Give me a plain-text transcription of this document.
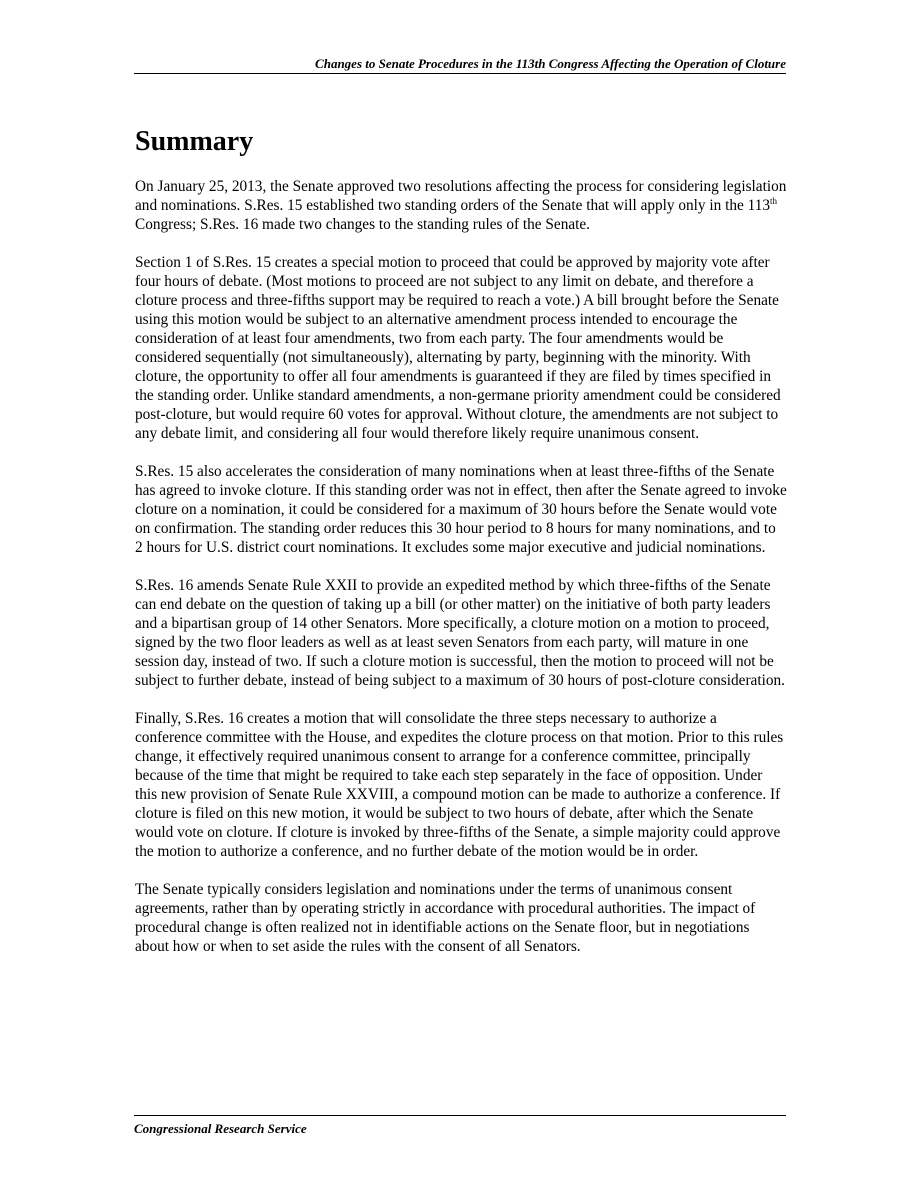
Changes to Senate Procedures in the 113th Congress Affecting the Operation of Cloture
Summary

On January 25, 2013, the Senate approved two resolutions affecting the process for considering legislation and nominations. S.Res. 15 established two standing orders of the Senate that will apply only in the 113th Congress; S.Res. 16 made two changes to the standing rules of the Senate.

Section 1 of S.Res. 15 creates a special motion to proceed that could be approved by majority vote after four hours of debate. (Most motions to proceed are not subject to any limit on debate, and therefore a cloture process and three-fifths support may be required to reach a vote.) A bill brought before the Senate using this motion would be subject to an alternative amendment process intended to encourage the consideration of at least four amendments, two from each party. The four amendments would be considered sequentially (not simultaneously), alternating by party, beginning with the minority. With cloture, the opportunity to offer all four amendments is guaranteed if they are filed by times specified in the standing order. Unlike standard amendments, a non-germane priority amendment could be considered post-cloture, but would require 60 votes for approval. Without cloture, the amendments are not subject to any debate limit, and considering all four would therefore likely require unanimous consent.

S.Res. 15 also accelerates the consideration of many nominations when at least three-fifths of the Senate has agreed to invoke cloture. If this standing order was not in effect, then after the Senate agreed to invoke cloture on a nomination, it could be considered for a maximum of 30 hours before the Senate would vote on confirmation. The standing order reduces this 30 hour period to 8 hours for many nominations, and to 2 hours for U.S. district court nominations. It excludes some major executive and judicial nominations.

S.Res. 16 amends Senate Rule XXII to provide an expedited method by which three-fifths of the Senate can end debate on the question of taking up a bill (or other matter) on the initiative of both party leaders and a bipartisan group of 14 other Senators. More specifically, a cloture motion on a motion to proceed, signed by the two floor leaders as well as at least seven Senators from each party, will mature in one session day, instead of two. If such a cloture motion is successful, then the motion to proceed will not be subject to further debate, instead of being subject to a maximum of 30 hours of post-cloture consideration.

Finally, S.Res. 16 creates a motion that will consolidate the three steps necessary to authorize a conference committee with the House, and expedites the cloture process on that motion. Prior to this rules change, it effectively required unanimous consent to arrange for a conference committee, principally because of the time that might be required to take each step separately in the face of opposition. Under this new provision of Senate Rule XXVIII, a compound motion can be made to authorize a conference. If cloture is filed on this new motion, it would be subject to two hours of debate, after which the Senate would vote on cloture. If cloture is invoked by three-fifths of the Senate, a simple majority could approve the motion to authorize a conference, and no further debate of the motion would be in order.

The Senate typically considers legislation and nominations under the terms of unanimous consent agreements, rather than by operating strictly in accordance with procedural authorities. The impact of procedural change is often realized not in identifiable actions on the Senate floor, but in negotiations about how or when to set aside the rules with the consent of all Senators.

Congressional Research Service
